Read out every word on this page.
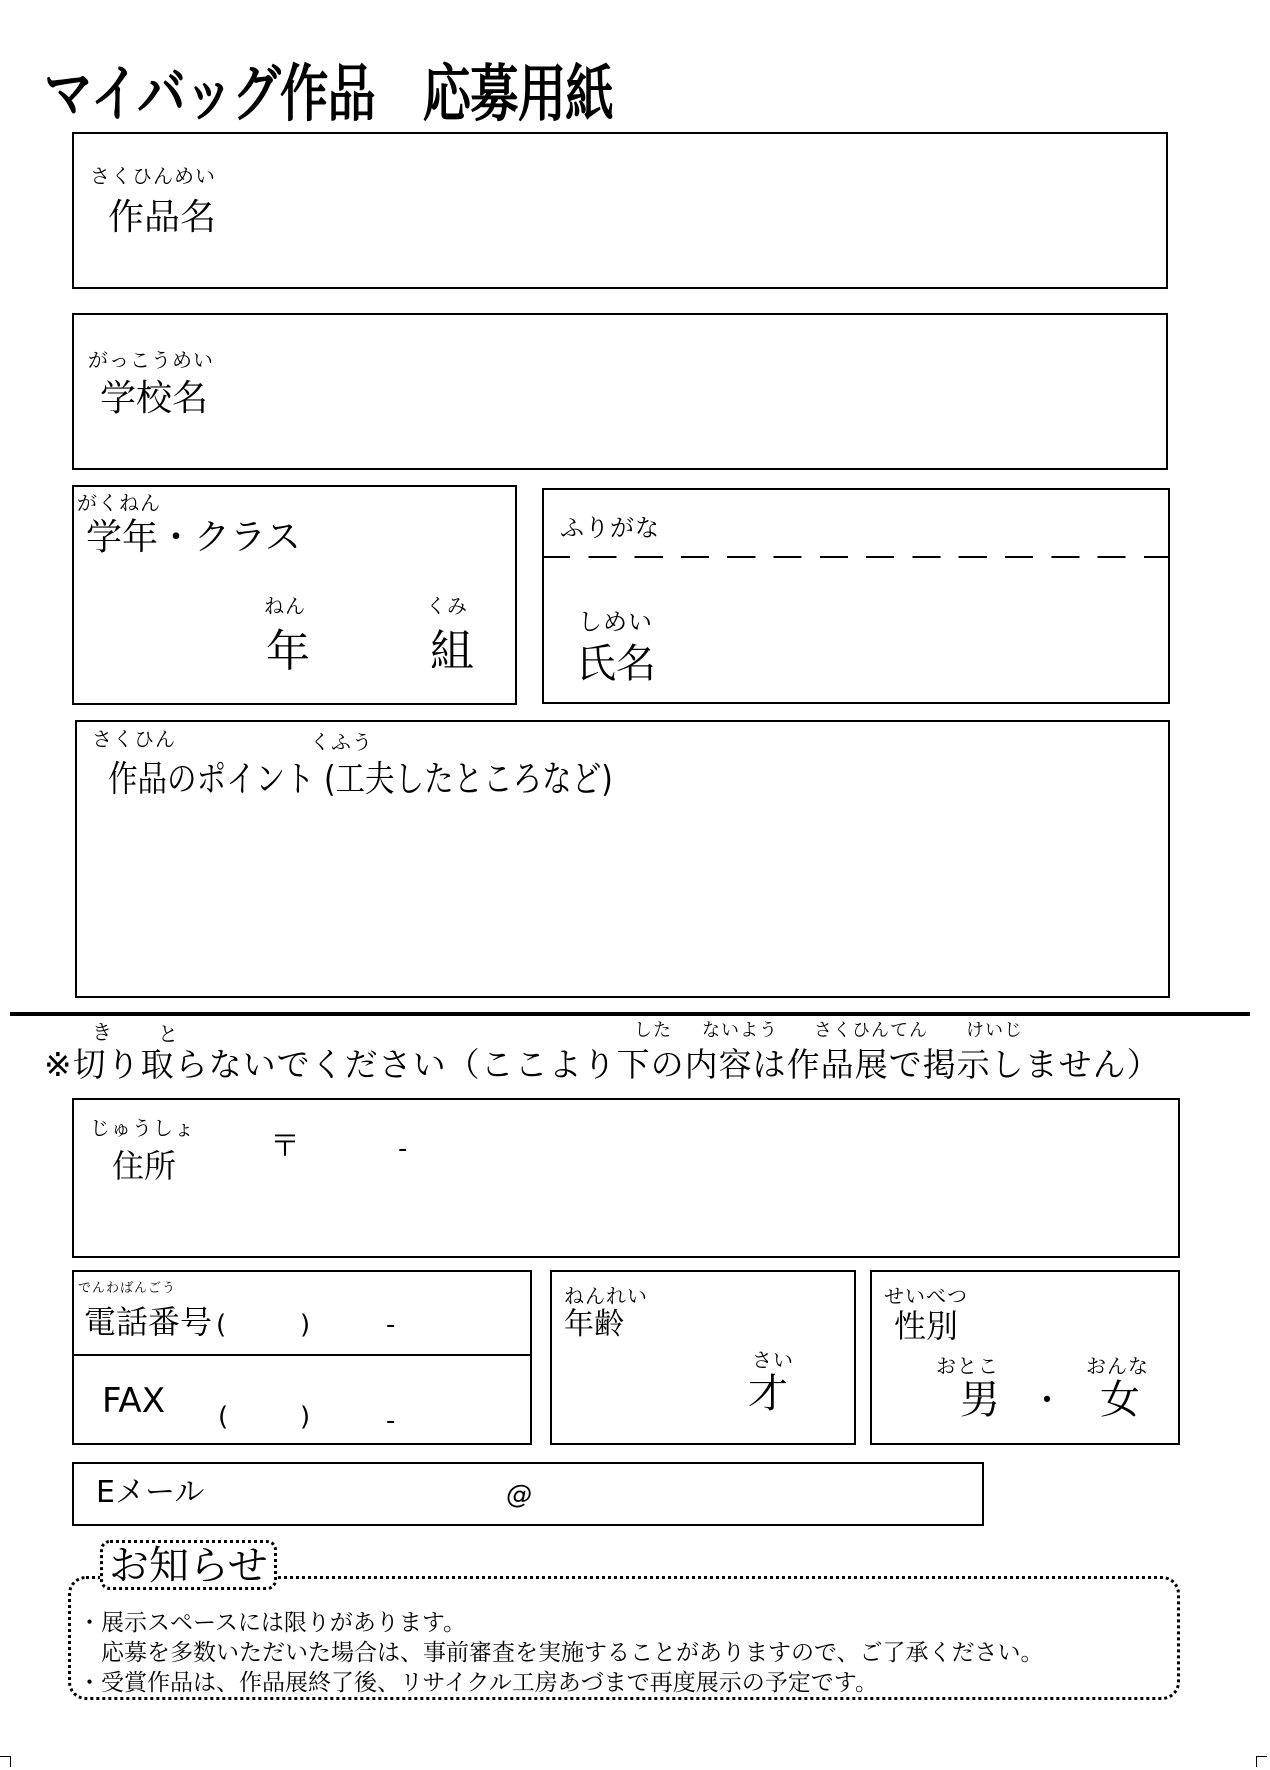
マイバッグ作品　応募用紙
さくひんめい
作品名
がっこうめい
学校名
がくねん
学年・クラス
ねん
年
くみ
組
ふりがな
しめい
氏名
さくひん	くふう
作品のポイント (工夫したところなど)
き と	した ないよう さくひんてん けいじ
※切り取らないでください（ここより下の内容は作品展で掲示しません）
じゅうしょ
住所
〒	-
でんわばんごう
電話番号 (	)	-
FAX (	)	-
ねんれい
年齢
さい
才
せいべつ
性別
おとこ
男 ・
おんな
女
Eメール	@
お知らせ
・展示スペースには限りがあります。
　応募を多数いただいた場合は、事前審査を実施することがありますので、ご了承ください。
・受賞作品は、作品展終了後、リサイクル工房あづまで再度展示の予定です。
